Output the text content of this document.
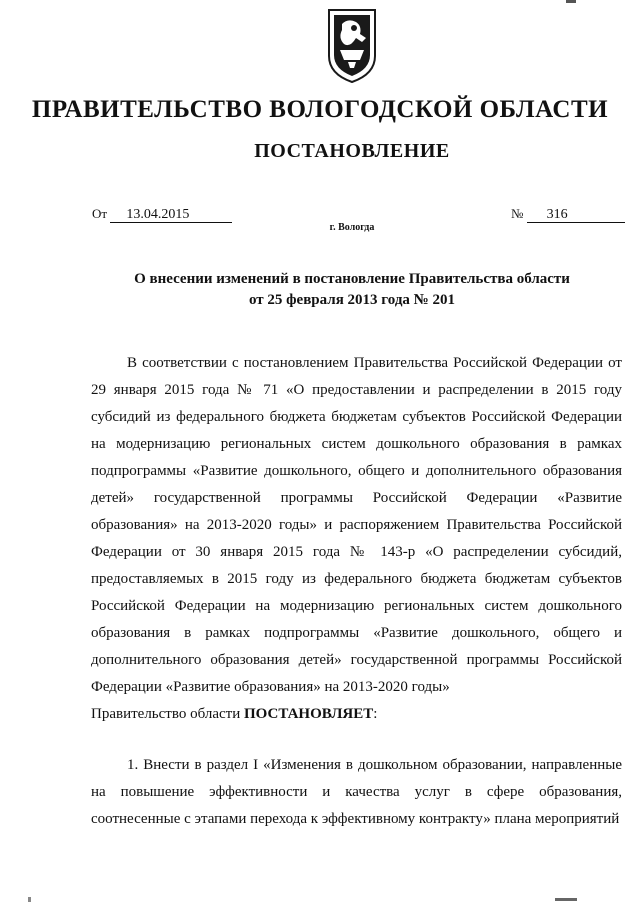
ПРАВИТЕЛЬСТВО ВОЛОГОДСКОЙ ОБЛАСТИ
ПОСТАНОВЛЕНИЕ
От 13.04.2015	№ 316
г. Вологда
О внесении изменений в постановление Правительства области
от 25 февраля 2013 года № 201

В соответствии с постановлением Правительства Российской Федерации от 29 января 2015 года № 71 «О предоставлении и распределении в 2015 году субсидий из федерального бюджета бюджетам субъектов Российской Федерации на модернизацию региональных систем дошкольного образования в рамках подпрограммы «Развитие дошкольного, общего и дополнительного образования детей» государственной программы Российской Федерации «Развитие образования» на 2013-2020 годы» и распоряжением Правительства Российской Федерации от 30 января 2015 года № 143-р «О распределении субсидий, предоставляемых в 2015 году из федерального бюджета бюджетам субъектов Российской Федерации на модернизацию региональных систем дошкольного образования в рамках подпрограммы «Развитие дошкольного, общего и дополнительного образования детей» государственной программы Российской Федерации «Развитие образования» на 2013-2020 годы»

Правительство области ПОСТАНОВЛЯЕТ:

1. Внести в раздел I «Изменения в дошкольном образовании, направленные на повышение эффективности и качества услуг в сфере образования, соотнесенные с этапами перехода к эффективному контракту» плана мероприятий
